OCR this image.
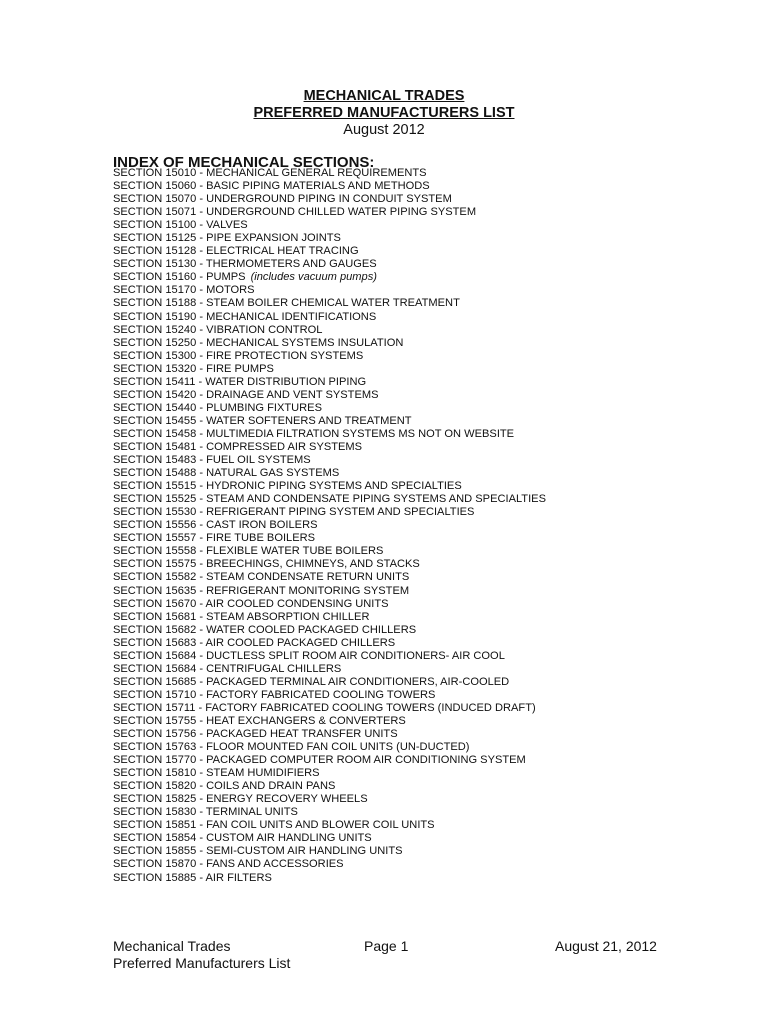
MECHANICAL TRADES
PREFERRED MANUFACTURERS LIST
August 2012
INDEX OF MECHANICAL SECTIONS:
SECTION 15010 - MECHANICAL GENERAL REQUIREMENTS
SECTION 15060 - BASIC PIPING MATERIALS AND METHODS
SECTION 15070 - UNDERGROUND PIPING IN CONDUIT SYSTEM
SECTION 15071 - UNDERGROUND CHILLED WATER PIPING SYSTEM
SECTION 15100 - VALVES
SECTION 15125 - PIPE EXPANSION JOINTS
SECTION 15128 - ELECTRICAL HEAT TRACING
SECTION 15130 - THERMOMETERS AND GAUGES
SECTION 15160 - PUMPS (includes vacuum pumps)
SECTION 15170 - MOTORS
SECTION 15188 - STEAM BOILER CHEMICAL WATER TREATMENT
SECTION 15190 - MECHANICAL IDENTIFICATIONS
SECTION 15240 - VIBRATION CONTROL
SECTION 15250 - MECHANICAL SYSTEMS INSULATION
SECTION 15300 - FIRE PROTECTION SYSTEMS
SECTION 15320 - FIRE PUMPS
SECTION 15411 - WATER DISTRIBUTION PIPING
SECTION 15420 - DRAINAGE AND VENT SYSTEMS
SECTION 15440 - PLUMBING FIXTURES
SECTION 15455 - WATER SOFTENERS AND TREATMENT
SECTION 15458 - MULTIMEDIA FILTRATION SYSTEMS MS NOT ON WEBSITE
SECTION 15481 - COMPRESSED AIR SYSTEMS
SECTION 15483 - FUEL OIL SYSTEMS
SECTION 15488 - NATURAL GAS SYSTEMS
SECTION 15515 - HYDRONIC PIPING SYSTEMS AND SPECIALTIES
SECTION 15525 - STEAM AND CONDENSATE PIPING SYSTEMS AND SPECIALTIES
SECTION 15530 - REFRIGERANT PIPING SYSTEM AND SPECIALTIES
SECTION 15556 - CAST IRON BOILERS
SECTION 15557 - FIRE TUBE BOILERS
SECTION 15558 - FLEXIBLE WATER TUBE BOILERS
SECTION 15575 - BREECHINGS, CHIMNEYS, AND STACKS
SECTION 15582 - STEAM CONDENSATE RETURN UNITS
SECTION 15635 - REFRIGERANT MONITORING SYSTEM
SECTION 15670 - AIR COOLED CONDENSING UNITS
SECTION 15681 - STEAM ABSORPTION CHILLER
SECTION 15682 - WATER COOLED PACKAGED CHILLERS
SECTION 15683 - AIR COOLED PACKAGED CHILLERS
SECTION 15684 - DUCTLESS SPLIT ROOM AIR CONDITIONERS- AIR COOL
SECTION 15684 - CENTRIFUGAL CHILLERS
SECTION 15685 - PACKAGED TERMINAL AIR CONDITIONERS, AIR-COOLED
SECTION 15710 - FACTORY FABRICATED COOLING TOWERS
SECTION 15711 - FACTORY FABRICATED COOLING TOWERS (INDUCED DRAFT)
SECTION 15755 - HEAT EXCHANGERS & CONVERTERS
SECTION 15756 - PACKAGED HEAT TRANSFER UNITS
SECTION 15763 - FLOOR MOUNTED FAN COIL UNITS (UN-DUCTED)
SECTION 15770 - PACKAGED COMPUTER ROOM AIR CONDITIONING SYSTEM
SECTION 15810 - STEAM HUMIDIFIERS
SECTION 15820 - COILS AND DRAIN PANS
SECTION 15825 - ENERGY RECOVERY WHEELS
SECTION 15830 - TERMINAL UNITS
SECTION 15851 - FAN COIL UNITS AND BLOWER COIL UNITS
SECTION 15854 - CUSTOM AIR HANDLING UNITS
SECTION 15855 - SEMI-CUSTOM AIR HANDLING UNITS
SECTION 15870 - FANS AND ACCESSORIES
SECTION 15885 - AIR FILTERS
Mechanical Trades
Preferred Manufacturers List
Page 1	August 21, 2012
